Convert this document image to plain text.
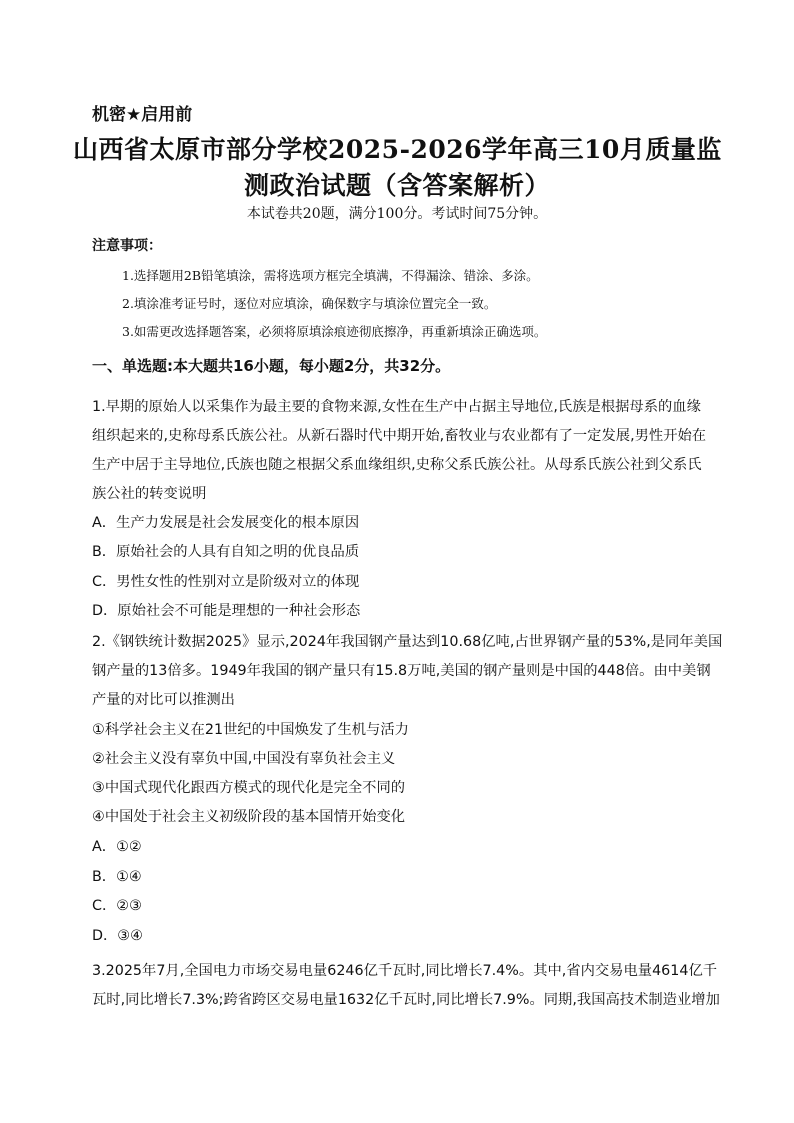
机密★启用前
山西省太原市部分学校2025-2026学年高三10月质量监
测政治试题（含答案解析）
本试卷共20题，满分100分。考试时间75分钟。
注意事项：
1.选择题用2B铅笔填涂，需将选项方框完全填满，不得漏涂、错涂、多涂。
2.填涂准考证号时，逐位对应填涂，确保数字与填涂位置完全一致。
3.如需更改选择题答案，必须将原填涂痕迹彻底擦净，再重新填涂正确选项。
一、单选题:本大题共16小题，每小题2分，共32分。
1.早期的原始人以采集作为最主要的食物来源,女性在生产中占据主导地位,氏族是根据母系的血缘
组织起来的,史称母系氏族公社。从新石器时代中期开始,畜牧业与农业都有了一定发展,男性开始在
生产中居于主导地位,氏族也随之根据父系血缘组织,史称父系氏族公社。从母系氏族公社到父系氏
族公社的转变说明
A．生产力发展是社会发展变化的根本原因
B．原始社会的人具有自知之明的优良品质
C．男性女性的性别对立是阶级对立的体现
D．原始社会不可能是理想的一种社会形态
2.《钢铁统计数据2025》显示,2024年我国钢产量达到10.68亿吨,占世界钢产量的53%,是同年美国
钢产量的13倍多。1949年我国的钢产量只有15.8万吨,美国的钢产量则是中国的448倍。由中美钢
产量的对比可以推测出
①科学社会主义在21世纪的中国焕发了生机与活力
②社会主义没有辜负中国,中国没有辜负社会主义
③中国式现代化跟西方模式的现代化是完全不同的
④中国处于社会主义初级阶段的基本国情开始变化
A．①②
B．①④
C．②③
D．③④
3.2025年7月,全国电力市场交易电量6246亿千瓦时,同比增长7.4%。其中,省内交易电量4614亿千
瓦时,同比增长7.3%;跨省跨区交易电量1632亿千瓦时,同比增长7.9%。同期,我国高技术制造业增加
